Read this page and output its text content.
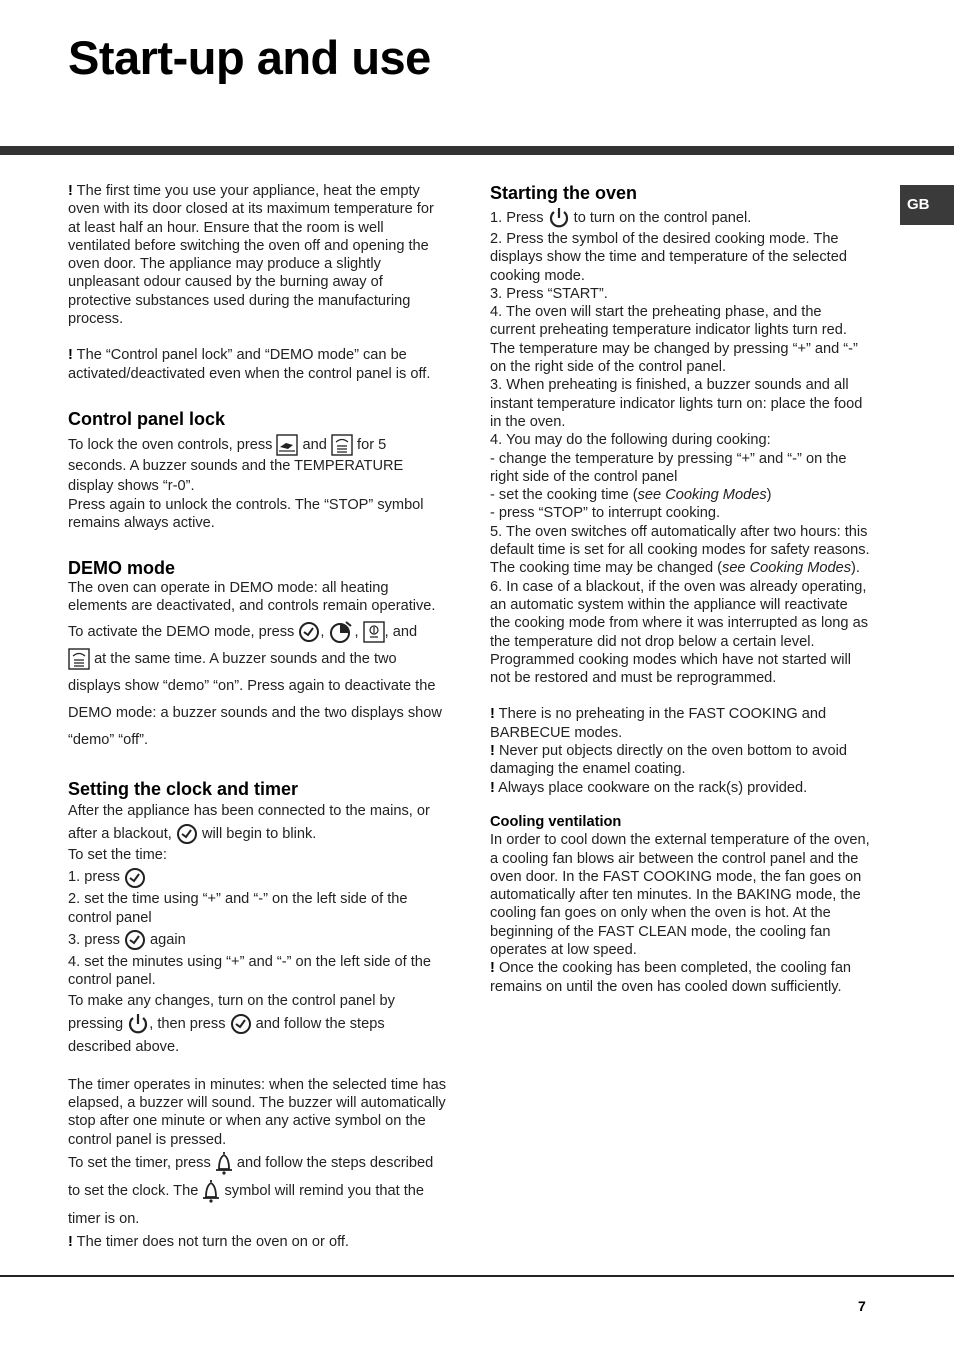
Start-up and use
GB

! The first time you use your appliance, heat the empty oven with its door closed at its maximum temperature for at least half an hour. Ensure that the room is well ventilated before switching the oven off and opening the oven door. The appliance may produce a slightly unpleasant odour caused by the burning away of protective substances used during the manufacturing process.

! The “Control panel lock” and “DEMO mode” can be activated/deactivated even when the control panel is off.

Control panel lock

To lock the oven controls, press and for 5 seconds. A buzzer sounds and the TEMPERATURE display shows “r-0”.

Press again to unlock the controls. The “STOP” symbol remains always active.

DEMO mode

The oven can operate in DEMO mode: all heating elements are deactivated, and controls remain operative.

To activate the DEMO mode, press , , , and

at the same time. A buzzer sounds and the two displays show “demo” “on”. Press again to deactivate the DEMO mode: a buzzer sounds and the two displays show “demo” “off”.

Setting the clock and timer

After the appliance has been connected to the mains, or after a blackout, will begin to blink.

To set the time:

1. press

2. set the time using “+” and “-” on the left side of the control panel

3. press again

4. set the minutes using “+” and “-” on the left side of the control panel.

To make any changes, turn on the control panel by pressing , then press and follow the steps described above.

The timer operates in minutes: when the selected time has elapsed, a buzzer will sound. The buzzer will automatically stop after one minute or when any active symbol on the control panel is pressed.

To set the timer, press and follow the steps described to set the clock. The symbol will remind you that the timer is on.

! The timer does not turn the oven on or off.

Starting the oven

1. Press to turn on the control panel.

2. Press the symbol of the desired cooking mode. The displays show the time and temperature of the selected cooking mode.

3. Press “START”.

4. The oven will start the preheating phase, and the current preheating temperature indicator lights turn red. The temperature may be changed by pressing “+” and “-” on the right side of the control panel.

3. When preheating is finished, a buzzer sounds and all instant temperature indicator lights turn on: place the food in the oven.

4. You may do the following during cooking:

- change the temperature by pressing “+” and “-” on the right side of the control panel

- set the cooking time (see Cooking Modes)

- press “STOP” to interrupt cooking.

5. The oven switches off automatically after two hours: this default time is set for all cooking modes for safety reasons.

The cooking time may be changed (see Cooking Modes).

6. In case of a blackout, if the oven was already operating, an automatic system within the appliance will reactivate the cooking mode from where it was interrupted as long as the temperature did not drop below a certain level. Programmed cooking modes which have not started will not be restored and must be reprogrammed.

! There is no preheating in the FAST COOKING and BARBECUE modes.

! Never put objects directly on the oven bottom to avoid damaging the enamel coating.

! Always place cookware on the rack(s) provided.

Cooling ventilation

In order to cool down the external temperature of the oven, a cooling fan blows air between the control panel and the oven door. In the FAST COOKING mode, the fan goes on automatically after ten minutes. In the BAKING mode, the cooling fan goes on only when the oven is hot. At the beginning of the FAST CLEAN mode, the cooling fan operates at low speed.

! Once the cooking has been completed, the cooling fan remains on until the oven has cooled down sufficiently.

7
